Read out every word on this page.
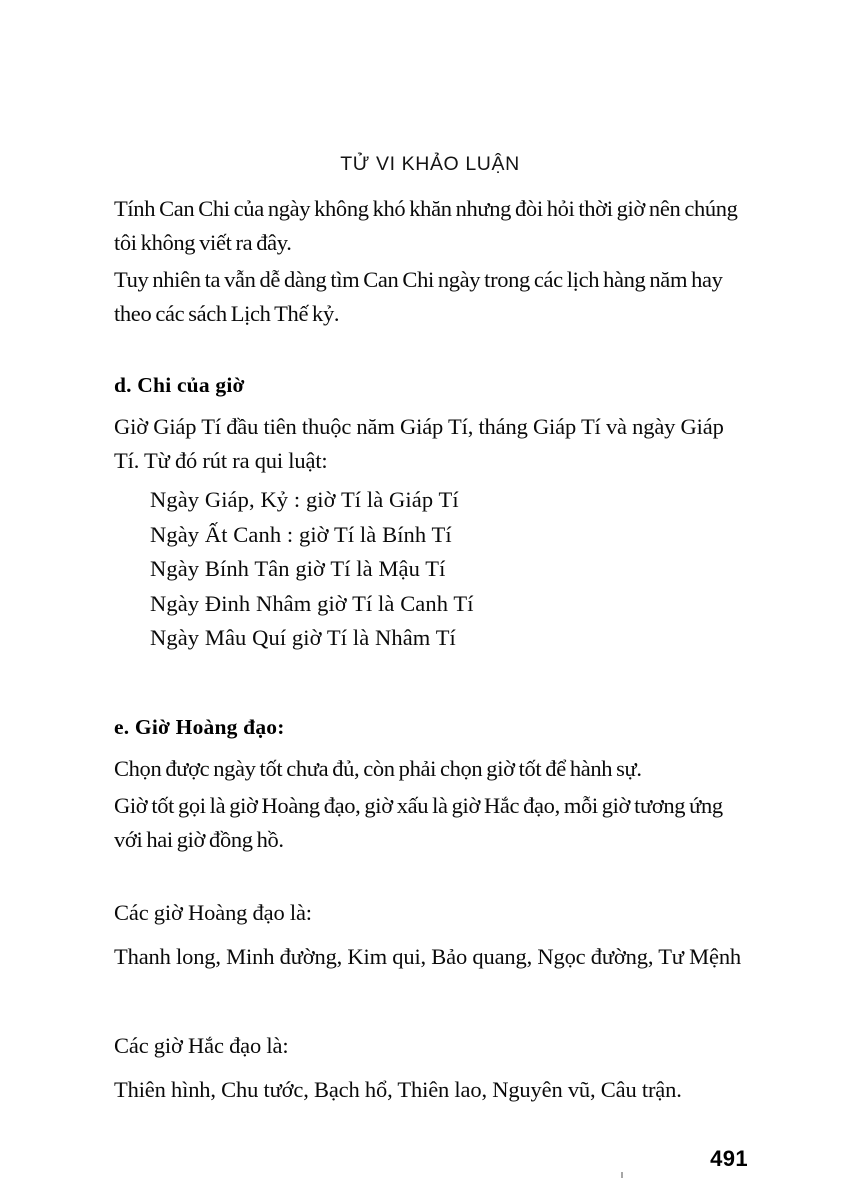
TỬ VI KHẢO LUẬN

Tính Can Chi của ngày không khó khăn nhưng đòi hỏi thời giờ nên chúng tôi không viết ra đây.

Tuy nhiên ta vẫn dễ dàng tìm Can Chi ngày trong các lịch hàng năm hay theo các sách Lịch Thế kỷ.

d. Chi của giờ

Giờ Giáp Tí đầu tiên thuộc năm Giáp Tí, tháng Giáp Tí và ngày Giáp Tí. Từ đó rút ra qui luật:

Ngày Giáp, Kỷ : giờ Tí là Giáp Tí
Ngày Ất Canh : giờ Tí là Bính Tí
Ngày Bính Tân giờ Tí là Mậu Tí
Ngày Đinh Nhâm giờ Tí là Canh Tí
Ngày Mâu Quí giờ Tí là Nhâm Tí

e. Giờ Hoàng đạo:

Chọn được ngày tốt chưa đủ, còn phải chọn giờ tốt để hành sự.

Giờ tốt gọi là giờ Hoàng đạo, giờ xấu là giờ Hắc đạo, mỗi giờ tương ứng với hai giờ đồng hồ.

Các giờ Hoàng đạo là:

Thanh long, Minh đường, Kim qui, Bảo quang, Ngọc đường, Tư Mệnh

Các giờ Hắc đạo là:

Thiên hình, Chu tước, Bạch hổ, Thiên lao, Nguyên vũ, Câu trận.

491
